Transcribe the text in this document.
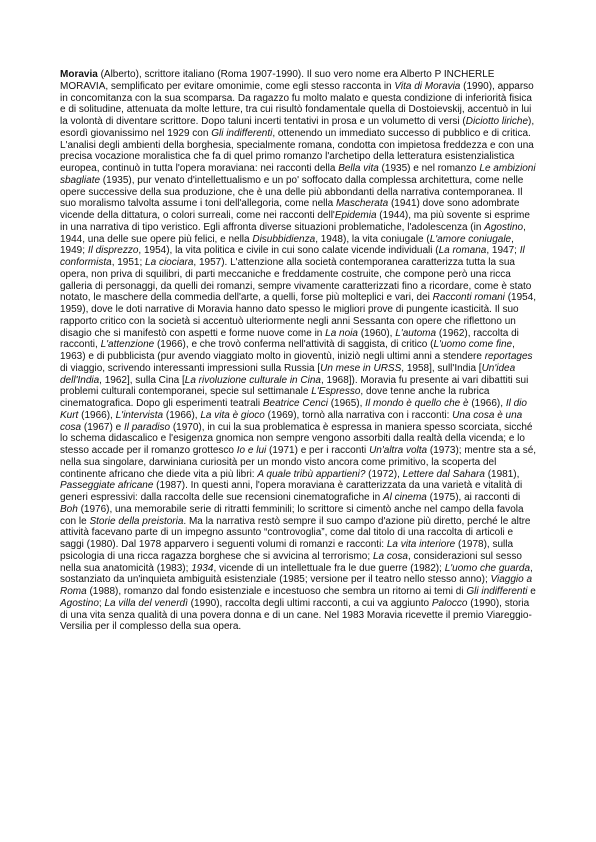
Moravia (Alberto), scrittore italiano (Roma 1907-1990). Il suo vero nome era Alberto P INCHERLE MORAVIA, semplificato per evitare omonimie, come egli stesso racconta in Vita di Moravia (1990), apparso in concomitanza con la sua scomparsa. Da ragazzo fu molto malato e questa condizione di inferiorità fisica e di solitudine, attenuata da molte letture, tra cui risultò fondamentale quella di Dostoievskij, accentuò in lui la volontà di diventare scrittore. Dopo taluni incerti tentativi in prosa e un volumetto di versi (Diciotto liriche), esordì giovanissimo nel 1929 con Gli indifferenti, ottenendo un immediato successo di pubblico e di critica. L'analisi degli ambienti della borghesia, specialmente romana, condotta con impietosa freddezza e con una precisa vocazione moralistica che fa di quel primo romanzo l'archetipo della letteratura esistenzialistica europea, continuò in tutta l'opera moraviana: nei racconti della Bella vita (1935) e nel romanzo Le ambizioni sbagliate (1935), pur venato d'intellettualismo e un po' soffocato dalla complessa architettura, come nelle opere successive della sua produzione, che è una delle più abbondanti della narrativa contemporanea. Il suo moralismo talvolta assume i toni dell'allegoria, come nella Mascherata (1941) dove sono adombrate vicende della dittatura, o colori surreali, come nei racconti dell'Epidemia (1944), ma più sovente si esprime in una narrativa di tipo veristico. Egli affronta diverse situazioni problematiche, l'adolescenza (in Agostino, 1944, una delle sue opere più felici, e nella Disubbidienza, 1948), la vita coniugale (L'amore coniugale, 1949; Il disprezzo, 1954), la vita politica e civile in cui sono calate vicende individuali (La romana, 1947; Il conformista, 1951; La ciociara, 1957). L'attenzione alla società contemporanea caratterizza tutta la sua opera, non priva di squilibri, di parti meccaniche e freddamente costruite, che compone però una ricca galleria di personaggi, da quelli dei romanzi, sempre vivamente caratterizzati fino a ricordare, come è stato notato, le maschere della commedia dell'arte, a quelli, forse più molteplici e vari, dei Racconti romani (1954, 1959), dove le doti narrative di Moravia hanno dato spesso le migliori prove di pungente icasticità. Il suo rapporto critico con la società si accentuò ulteriormente negli anni Sessanta con opere che riflettono un disagio che si manifestò con aspetti e forme nuove come in La noia (1960), L'automa (1962), raccolta di racconti, L'attenzione (1966), e che trovò conferma nell'attività di saggista, di critico (L'uomo come fine, 1963) e di pubblicista (pur avendo viaggiato molto in gioventù, iniziò negli ultimi anni a stendere reportages di viaggio, scrivendo interessanti impressioni sulla Russia [Un mese in URSS, 1958], sull'India [Un'idea dell'India, 1962], sulla Cina [La rivoluzione culturale in Cina, 1968]). Moravia fu presente ai vari dibattiti sui problemi culturali contemporanei, specie sul settimanale L'Espresso, dove tenne anche la rubrica cinematografica. Dopo gli esperimenti teatrali Beatrice Cenci (1965), Il mondo è quello che è (1966), Il dio Kurt (1966), L'intervista (1966), La vita è gioco (1969), tornò alla narrativa con i racconti: Una cosa è una cosa (1967) e Il paradiso (1970), in cui la sua problematica è espressa in maniera spesso scorciata, sicché lo schema didascalico e l'esigenza gnomica non sempre vengono assorbiti dalla realtà della vicenda; e lo stesso accade per il romanzo grottesco Io e lui (1971) e per i racconti Un'altra volta (1973); mentre sta a sé, nella sua singolare, darwiniana curiosità per un mondo visto ancora come primitivo, la scoperta del continente africano che diede vita a più libri: A quale tribù appartieni? (1972), Lettere dal Sahara (1981), Passeggiate africane (1987). In questi anni, l'opera moraviana è caratterizzata da una varietà e vitalità di generi espressivi: dalla raccolta delle sue recensioni cinematografiche in Al cinema (1975), ai racconti di Boh (1976), una memorabile serie di ritratti femminili; lo scrittore si cimentò anche nel campo della favola con le Storie della preistoria. Ma la narrativa restò sempre il suo campo d'azione più diretto, perché le altre attività facevano parte di un impegno assunto “controvoglia”, come dal titolo di una raccolta di articoli e saggi (1980). Dal 1978 apparvero i seguenti volumi di romanzi e racconti: La vita interiore (1978), sulla psicologia di una ricca ragazza borghese che si avvicina al terrorismo; La cosa, considerazioni sul sesso nella sua anatomicità (1983); 1934, vicende di un intellettuale fra le due guerre (1982); L'uomo che guarda, sostanziato da un'inquieta ambiguità esistenziale (1985; versione per il teatro nello stesso anno); Viaggio a Roma (1988), romanzo dal fondo esistenziale e incestuoso che sembra un ritorno ai temi di Gli indifferenti e Agostino; La villa del venerdì (1990), raccolta degli ultimi racconti, a cui va aggiunto Palocco (1990), storia di una vita senza qualità di una povera donna e di un cane. Nel 1983 Moravia ricevette il premio Viareggio-Versilia per il complesso della sua opera.
